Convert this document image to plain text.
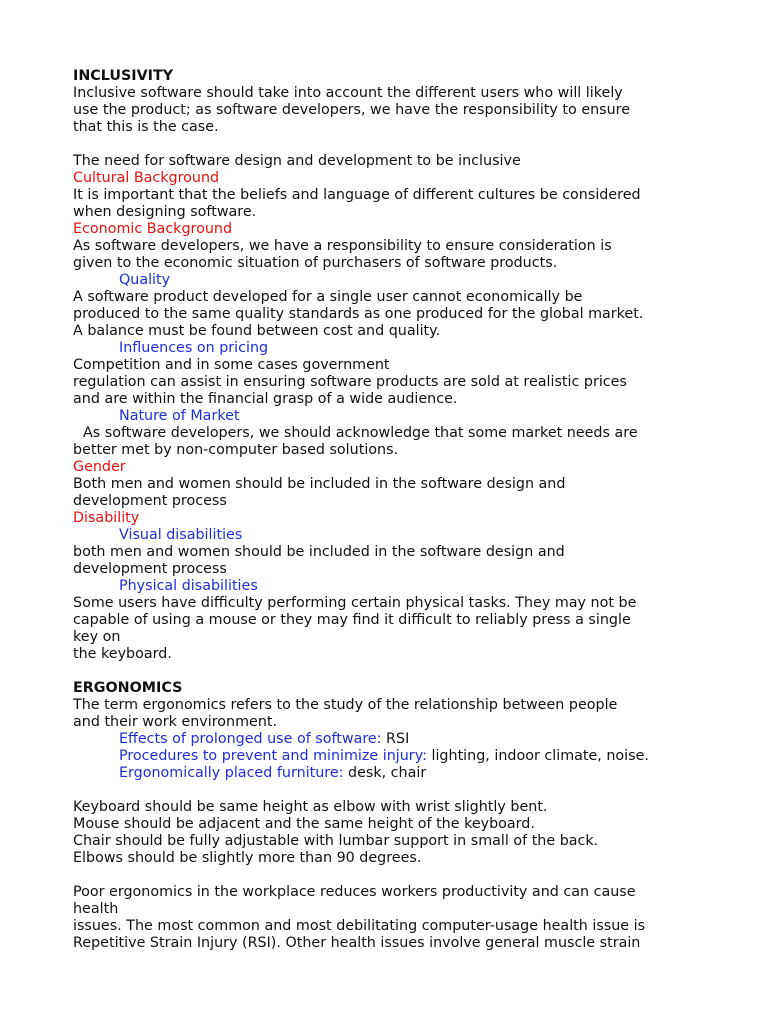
INCLUSIVITY

Inclusive software should take into account the different users who will likely

use the product; as software developers, we have the responsibility to ensure

that this is the case.

The need for software design and development to be inclusive

Cultural Background

It is important that the beliefs and language of different cultures be considered

when designing software.

Economic Background

As software developers, we have a responsibility to ensure consideration is

given to the economic situation of purchasers of software products.

Quality

A software product developed for a single user cannot economically be

produced to the same quality standards as one produced for the global market.

A balance must be found between cost and quality.

Influences on pricing

Competition and in some cases government

regulation can assist in ensuring software products are sold at realistic prices

and are within the financial grasp of a wide audience.

Nature of Market

As software developers, we should acknowledge that some market needs are

better met by non-computer based solutions.

Gender

Both men and women should be included in the software design and

development process

Disability

Visual disabilities

both men and women should be included in the software design and

development process

Physical disabilities

Some users have difficulty performing certain physical tasks. They may not be

capable of using a mouse or they may find it difficult to reliably press a single

key on

the keyboard.

ERGONOMICS

The term ergonomics refers to the study of the relationship between people

and their work environment.

Effects of prolonged use of software: RSI

Procedures to prevent and minimize injury: lighting, indoor climate, noise.

Ergonomically placed furniture: desk, chair

Keyboard should be same height as elbow with wrist slightly bent.

Mouse should be adjacent and the same height of the keyboard.

Chair should be fully adjustable with lumbar support in small of the back.

Elbows should be slightly more than 90 degrees.

Poor ergonomics in the workplace reduces workers productivity and can cause

health

issues. The most common and most debilitating computer-usage health issue is

Repetitive Strain Injury (RSI). Other health issues involve general muscle strain
